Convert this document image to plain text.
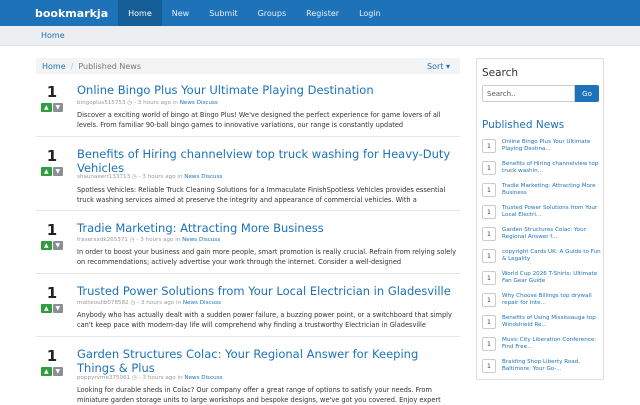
bookmarkja	Home	New	Submit	Groups	Register	Login
Home
Home / Published News	Sort ▾
1
▲	▼
Online Bingo Plus Your Ultimate Playing Destination
bingoplus515753 ◷ - 3 hours ago in News Discuss
Discover a exciting world of bingo at Bingo Plus! We've designed the perfect experience for game lovers of all levels. From familiar 90-ball bingo games to innovative variations, our range is constantly updated
1
▲	▼
Benefits of Hiring channelview top truck washing for Heavy-Duty Vehicles
shaunaeerr133713 ◷ - 3 hours ago in News Discuss
Spotless Vehicles: Reliable Truck Cleaning Solutions for a Immaculate FinishSpotless Vehicles provides essential truck washing services aimed at preserve the integrity and appearance of commercial vehicles. With a
1
▲	▼
Tradie Marketing: Attracting More Business
fraserxxdk265371 ◷ - 3 hours ago in News Discuss
In order to boost your business and gain more people, smart promotion is really crucial. Refrain from relying solely on recommendations; actively advertise your work through the internet. Consider a well-designed
1
▲	▼
Trusted Power Solutions from Your Local Electrician in Gladesville
matteoulib078582 ◷ - 3 hours ago in News Discuss
Anybody who has actually dealt with a sudden power failure, a buzzing power point, or a switchboard that simply can't keep pace with modern-day life will comprehend why finding a trustworthy Electrician in Gladesville
1
▲	▼
Garden Structures Colac: Your Regional Answer for Keeping Things & Plus
poppyrvme375061 ◷ - 3 hours ago in News Discuss
Looking for durable sheds in Colac? Our company offer a great range of options to satisfy your needs. From miniature garden storage units to large workshops and bespoke designs, we've got you covered. Enjoy expert
Search
Search..	Go
Published News
1	Online Bingo Plus Your Ultimate Playing Destina...
1	Benefits of Hiring channelview top truck washin...
1	Tradie Marketing: Attracting More Business
1	Trusted Power Solutions from Your Local Electri...
1	Garden Structures Colac: Your Regional Answer f...
1	copyright Cards UK: A Guide to Fun & Legality
1	World Cup 2026 T-Shirts: Ultimate Fan Gear Guide
1	Why Choose Billings top drywall repair for Inte...
1	Benefits of Using Mississauga top Windshield Re...
1	Music City Liberation Conference: Find Free...
1	Braiding Shop Liberty Road, Baltimore: Your Go-...
